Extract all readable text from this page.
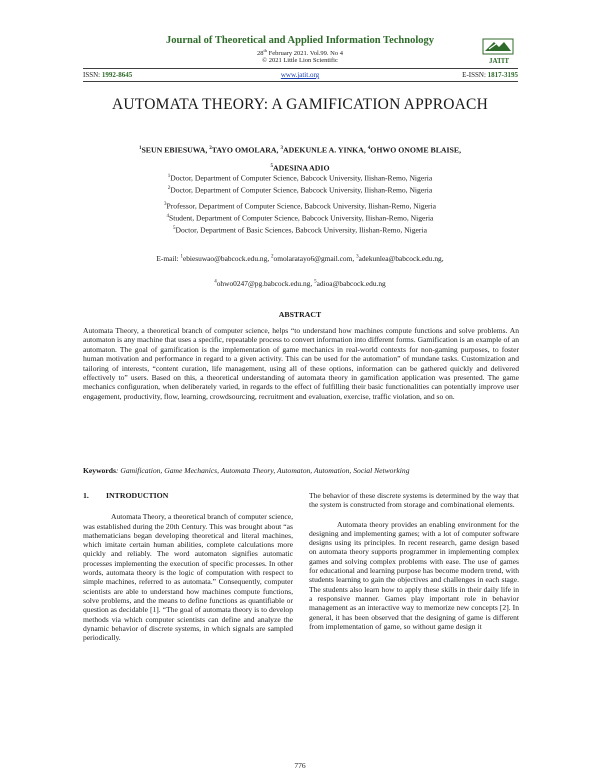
Journal of Theoretical and Applied Information Technology
28th February 2021. Vol.99. No 4
© 2021 Little Lion Scientific	JATIT
ISSN: 1992-8645	www.jatit.org	E-ISSN: 1817-3195
AUTOMATA THEORY: A GAMIFICATION APPROACH
$^1$SEUN EBIESUWA, $^2$TAYO OMOLARA, $^3$ADEKUNLE A. YINKA, $^4$OHWO ONOME BLAISE,
$^5$ADESINA ADIO
$^1$Doctor, Department of Computer Science, Babcock University, Ilishan-Remo, Nigeria
$^2$Doctor, Department of Computer Science, Babcock University, Ilishan-Remo, Nigeria
$^3$Professor, Department of Computer Science, Babcock University, Ilishan-Remo, Nigeria
$^4$Student, Department of Computer Science, Babcock University, Ilishan-Remo, Nigeria
$^5$Doctor, Department of Basic Sciences, Babcock University, Ilishan-Remo, Nigeria
E-mail: $^1$ebiesuwao@babcock.edu.ng, $^2$omolaratayo6@gmail.com, $^3$adekunlea@babcock.edu.ng,
$^4$ohwo0247@pg.babcock.edu.ng, $^5$adioa@babcock.edu.ng
ABSTRACT
Automata Theory, a theoretical branch of computer science, helps “to understand how machines compute functions and solve problems. An automaton is any machine that uses a specific, repeatable process to convert information into different forms. Gamification is an example of an automaton. The goal of gamification is the implementation of game mechanics in real-world contexts for non-gaming purposes, to foster human motivation and performance in regard to a given activity. This can be used for the automation” of mundane tasks. Customization and tailoring of interests, “content curation, life management, using all of these options, information can be gathered quickly and delivered effectively to” users. Based on this, a theoretical understanding of automata theory in gamification application was presented. The game mechanics configuration, when deliberately varied, in regards to the effect of fulfilling their basic functionalities can potentially improve user engagement, productivity, flow, learning, crowdsourcing, recruitment and evaluation, exercise, traffic violation, and so on.
Keywords: Gamification, Game Mechanics, Automata Theory, Automaton, Automation, Social Networking
1. INTRODUCTION
Automata Theory, a theoretical branch of computer science, was established during the 20th Century. This was brought about “as mathematicians began developing theoretical and literal machines, which imitate certain human abilities, complete calculations more quickly and reliably. The word automaton signifies automatic processes implementing the execution of specific processes. In other words, automata theory is the logic of computation with respect to simple machines, referred to as automata.” Consequently, computer scientists are able to understand how machines compute functions, solve problems, and the means to define functions as quantifiable or question as decidable [1]. “The goal of automata theory is to develop methods via which computer scientists can define and analyze the dynamic behavior of discrete systems, in which signals are sampled periodically.
The behavior of these discrete systems is determined by the way that the system is constructed from storage and combinational elements.
Automata theory provides an enabling environment for the designing and implementing games; with a lot of computer software designs using its principles. In recent research, game design based on automata theory supports programmer in implementing complex games and solving complex problems with ease. The use of games for educational and learning purpose has become modern trend, with students learning to gain the objectives and challenges in each stage. The students also learn how to apply these skills in their daily life in a responsive manner. Games play important role in behavior management as an interactive way to memorize new concepts [2]. In general, it has been observed that the designing of game is different from implementation of game, so without game design it
776
